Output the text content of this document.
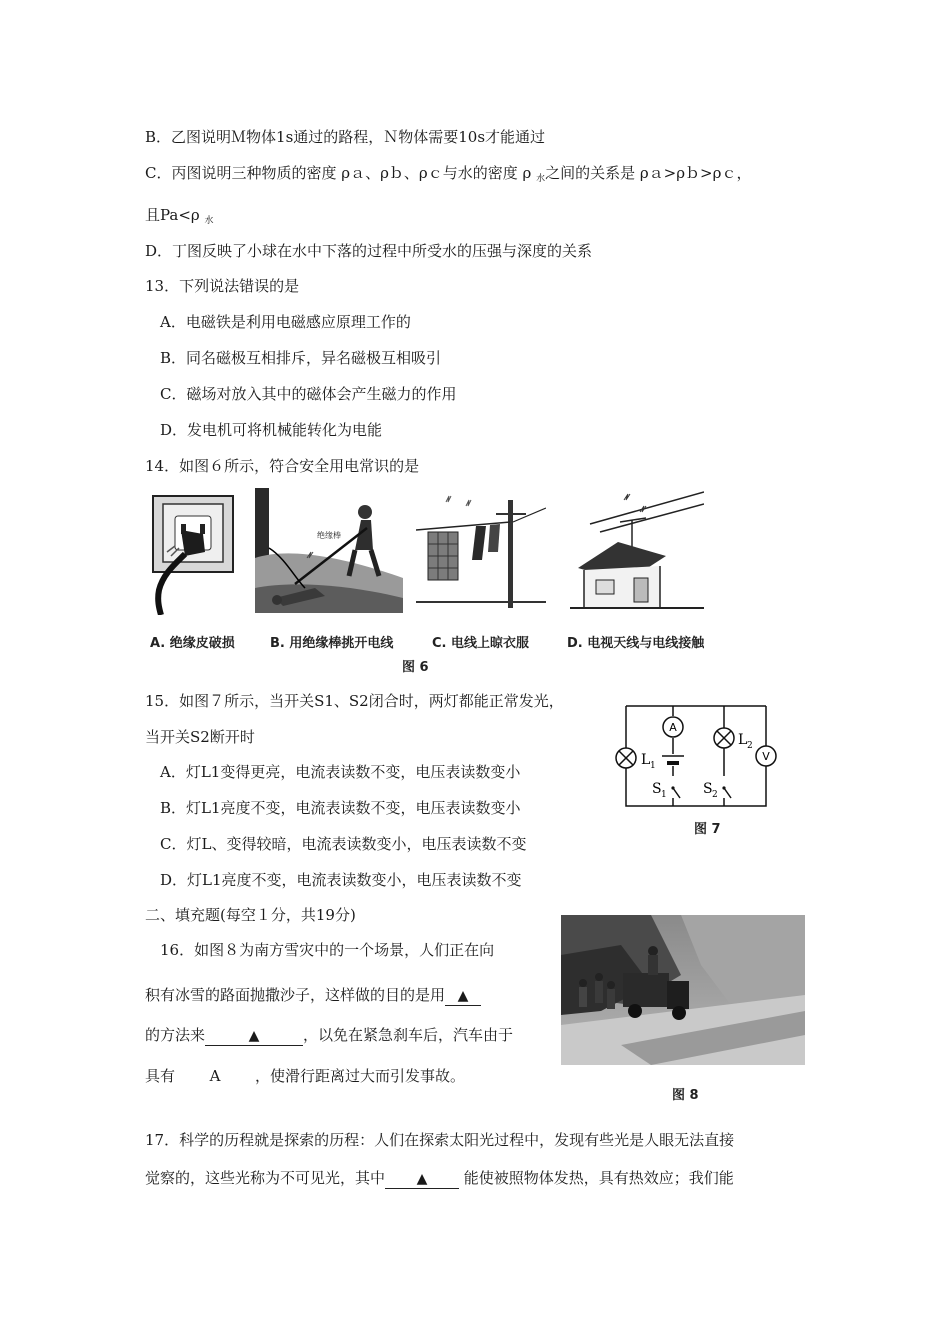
B．乙图说明Ｍ物体1s通过的路程，Ｎ物体需要10s才能通过
C．丙图说明三种物质的密度 ρａ、ρｂ、ρｃ与水的密度 ρ $_水$之间的关系是 ρａ>ρｂ>ρｃ，
且Pa<ρ $_水$
D．丁图反映了小球在水中下落的过程中所受水的压强与深度的关系
13．下列说法错误的是
A．电磁铁是利用电磁感应原理工作的
B．同名磁极互相排斥，异名磁极互相吸引
C．磁场对放入其中的磁体会产生磁力的作用
D．发电机可将机械能转化为电能
14．如图６所示，符合安全用电常识的是
绝缘棒
A. 绝缘皮破损	B. 用绝缘棒挑开电线	C. 电线上晾衣服	D. 电视天线与电线接触
图 6
15．如图７所示，当开关S1、S2闭合时，两灯都能正常发光，
当开关S2断开时
A．灯L1变得更亮，电流表读数不变，电压表读数变小
B．灯L1亮度不变，电流表读数不变，电压表读数变小
C．灯L、变得较暗，电流表读数变小，电压表读数不变
D．灯L1亮度不变，电流表读数变小，电压表读数不变
A
L 1
L 2
V
S 1	S 2
图 7
二、填充题(每空１分，共19分)
16．如图８为南方雪灾中的一个场景，人们正在向
积有冰雪的路面抛撒沙子，这样做的目的是用 ▲
的方法来	▲	，以免在紧急刹车后，汽车由于
具有 A ，使滑行距离过大而引发事故。
图 8
17．科学的历程就是探索的历程：人们在探索太阳光过程中，发现有些光是人眼无法直接
觉察的，这些光称为不可见光，其中 ▲ 能使被照物体发热，具有热效应；我们能
